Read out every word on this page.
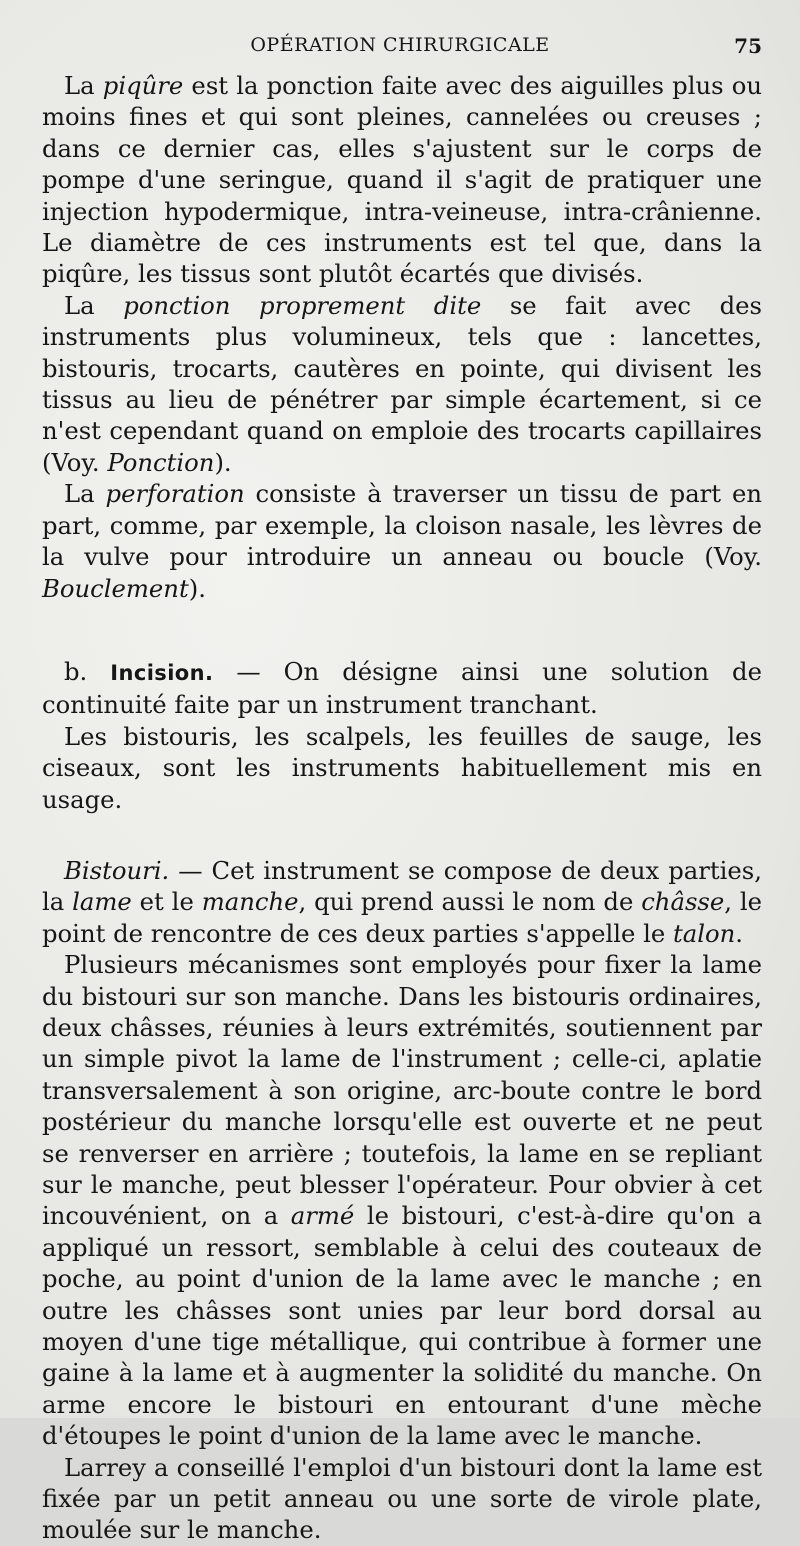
OPÉRATION CHIRURGICALE	75

La piqûre est la ponction faite avec des aiguilles plus ou moins fines et qui sont pleines, cannelées ou creuses ; dans ce dernier cas, elles s'ajustent sur le corps de pompe d'une seringue, quand il s'agit de pratiquer une injection hypodermique, intra-veineuse, intra-crânienne. Le diamètre de ces instruments est tel que, dans la piqûre, les tissus sont plutôt écartés que divisés.

La ponction proprement dite se fait avec des instruments plus volumineux, tels que : lancettes, bistouris, trocarts, cautères en pointe, qui divisent les tissus au lieu de pénétrer par simple écartement, si ce n'est cependant quand on emploie des trocarts capillaires (Voy. Ponction).

La perforation consiste à traverser un tissu de part en part, comme, par exemple, la cloison nasale, les lèvres de la vulve pour introduire un anneau ou boucle (Voy. Bouclement).

b. Incision. — On désigne ainsi une solution de continuité faite par un instrument tranchant.

Les bistouris, les scalpels, les feuilles de sauge, les ciseaux, sont les instruments habituellement mis en usage.

Bistouri. — Cet instrument se compose de deux parties, la lame et le manche, qui prend aussi le nom de châsse, le point de rencontre de ces deux parties s'appelle le talon.

Plusieurs mécanismes sont employés pour fixer la lame du bistouri sur son manche. Dans les bistouris ordinaires, deux châsses, réunies à leurs extrémités, soutiennent par un simple pivot la lame de l'instrument ; celle-ci, aplatie transversalement à son origine, arc-boute contre le bord postérieur du manche lorsqu'elle est ouverte et ne peut se renverser en arrière ; toutefois, la lame en se repliant sur le manche, peut blesser l'opérateur. Pour obvier à cet incouvénient, on a armé le bistouri, c'est-à-dire qu'on a appliqué un ressort, semblable à celui des couteaux de poche, au point d'union de la lame avec le manche ; en outre les châsses sont unies par leur bord dorsal au moyen d'une tige métallique, qui contribue à former une gaine à la lame et à augmenter la solidité du manche. On arme encore le bistouri en entourant d'une mèche d'étoupes le point d'union de la lame avec le manche.

Larrey a conseillé l'emploi d'un bistouri dont la lame est fixée par un petit anneau ou une sorte de virole plate, moulée sur le manche.
